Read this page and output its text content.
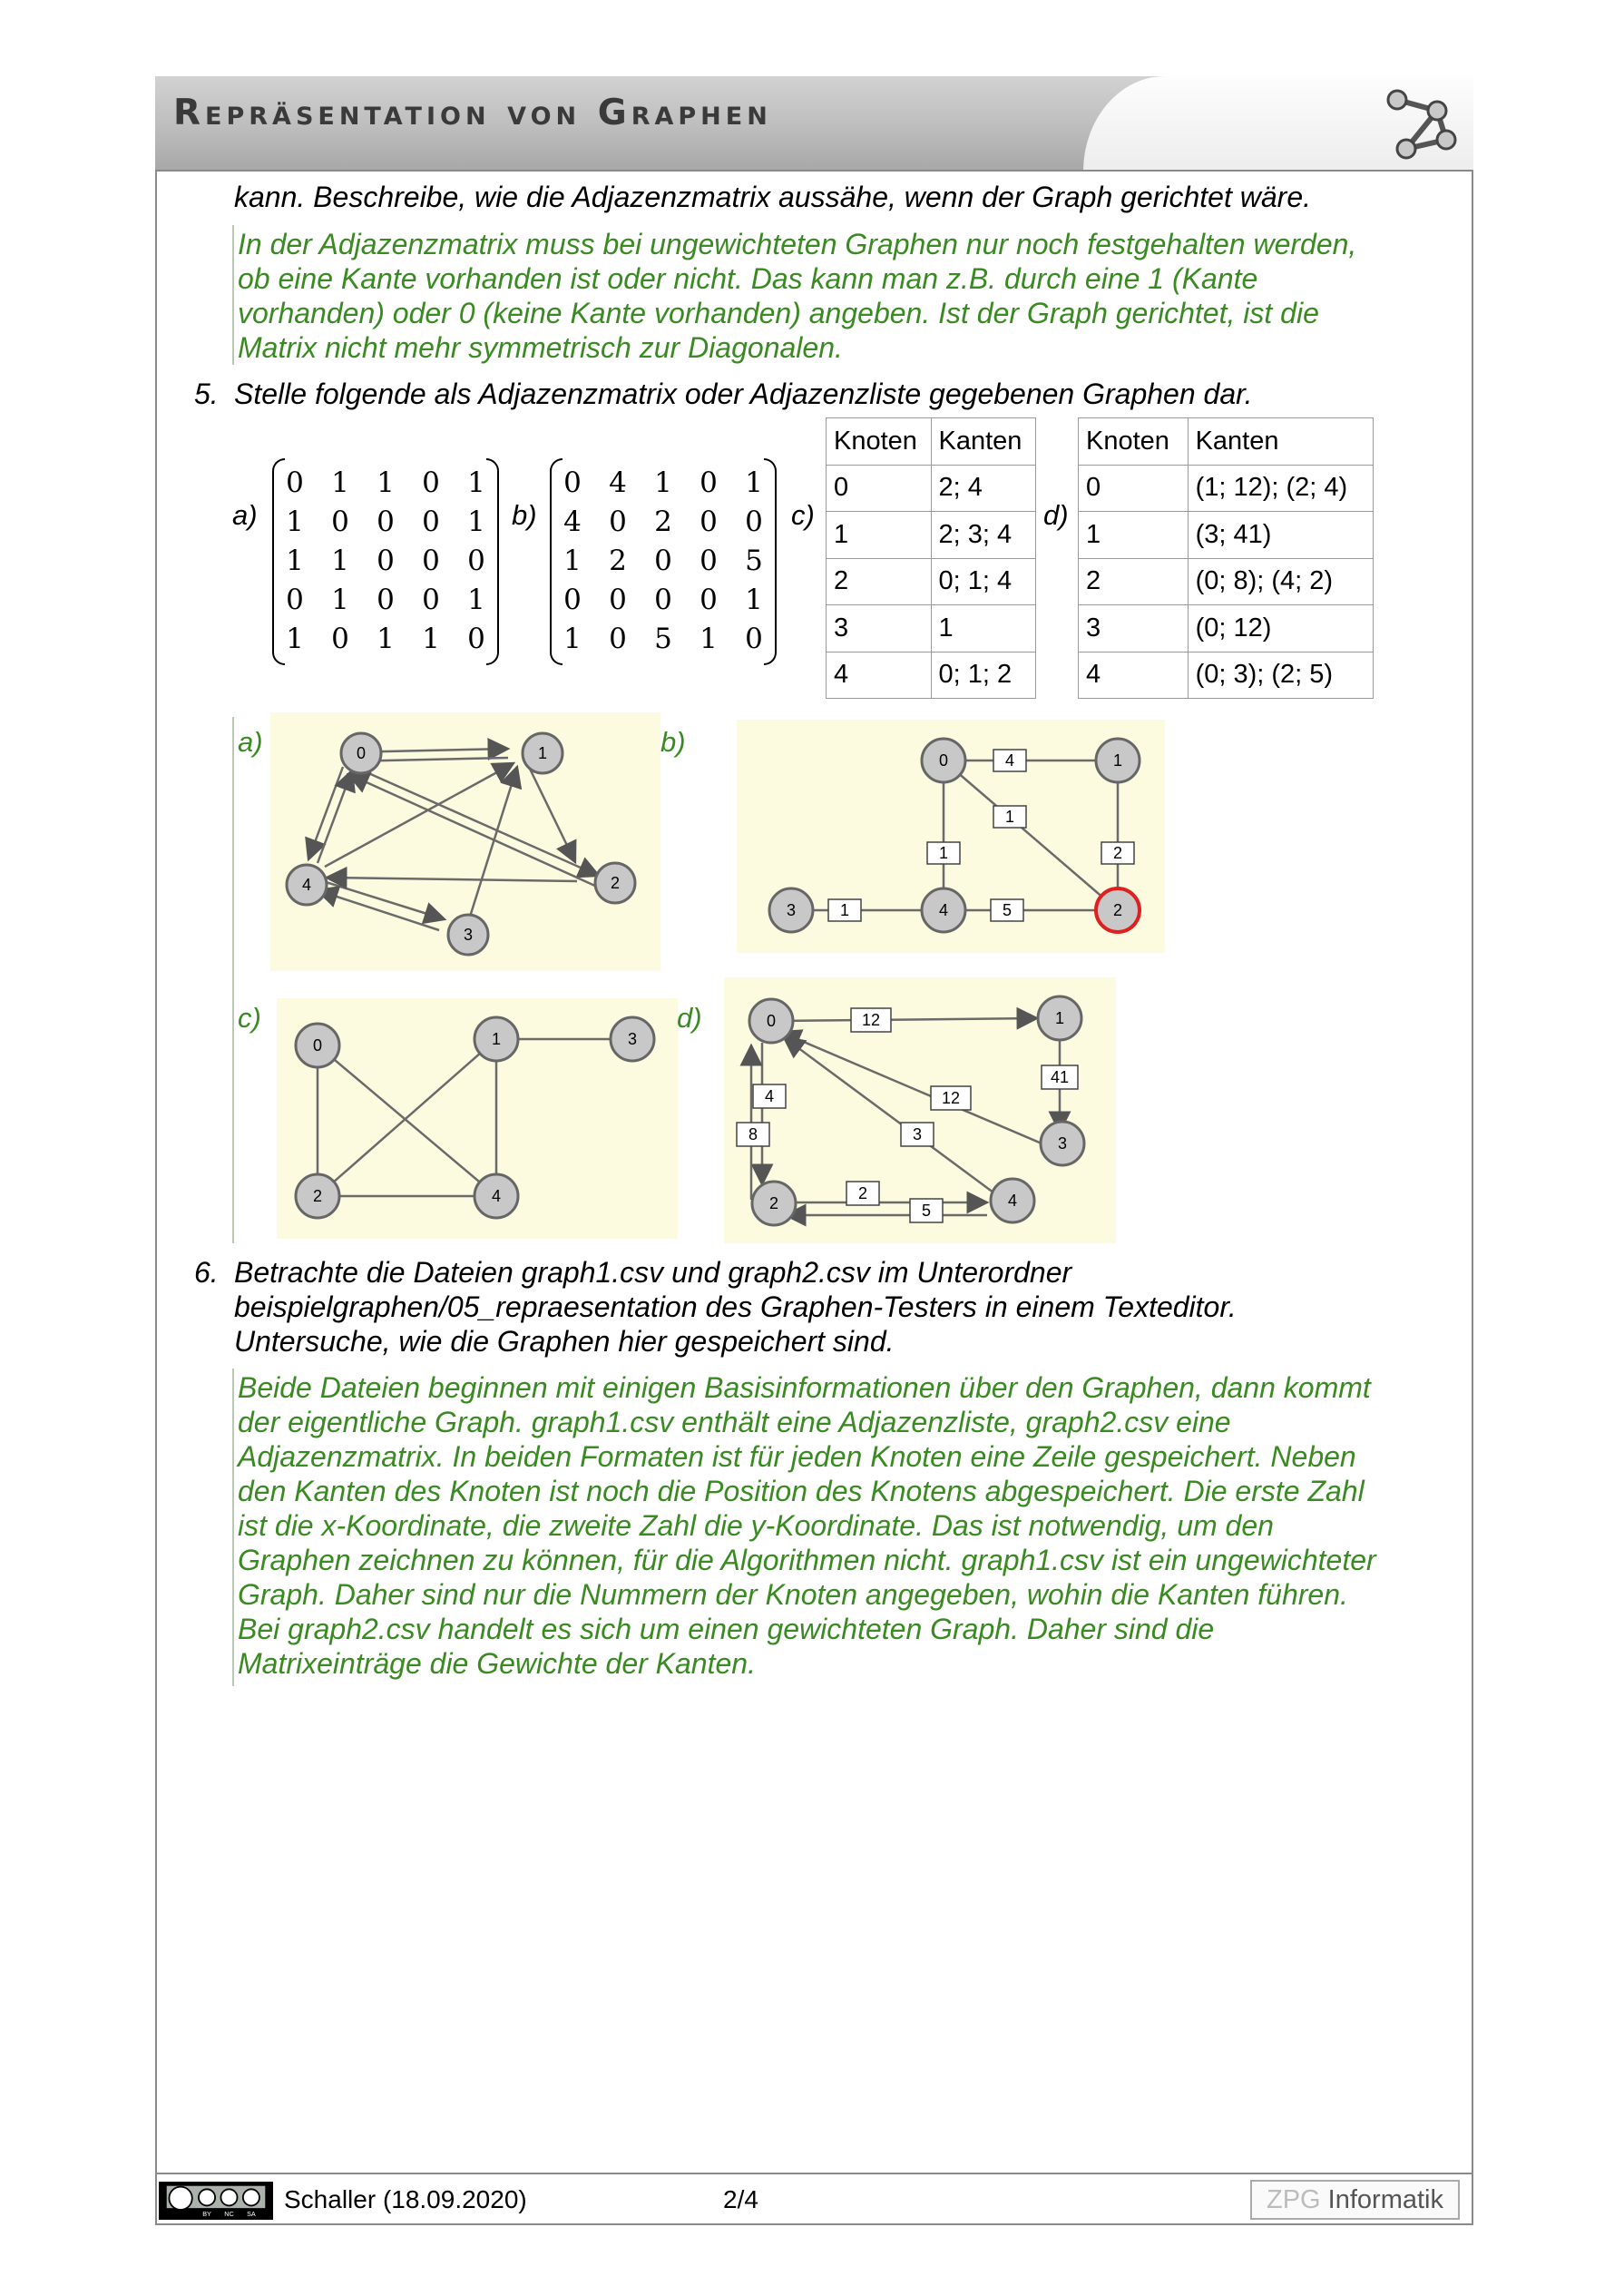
Repräsentation von Graphen
kann. Beschreibe, wie die Adjazenzmatrix aussähe, wenn der Graph gerichtet wäre.
In der Adjazenzmatrix muss bei ungewichteten Graphen nur noch festgehalten werden,
ob eine Kante vorhanden ist oder nicht. Das kann man z.B. durch eine 1 (Kante
vorhanden) oder 0 (keine Kante vorhanden) angeben. Ist der Graph gerichtet, ist die
Matrix nicht mehr symmetrisch zur Diagonalen.
5. Stelle folgende als Adjazenzmatrix oder Adjazenzliste gegebenen Graphen dar.
a)
0 1 1 0 1
1 0 0 0 1
1 1 0 0 0
0 1 0 0 1
1 0 1 1 0
b)
0 4 1 0 1
4 0 2 0 0
1 2 0 0 5
0 0 0 0 1
1 0 5 1 0
c)
Knoten	Kanten
0	2; 4
1	2; 3; 4
2	0; 1; 4
3	1
4	0; 1; 2
d)
Knoten	Kanten
0	(1; 12); (2; 4)
1	(3; 41)
2	(0; 8); (4; 2)
3	(0; 12)
4	(0; 3); (2; 5)
a)	0	1
2
3
4
b)
4
1
1	2
1	5
0	1
2
3	4
c)
0	1
2
3
4
d)	12
41
4
8
12
3
2
5
0	1
2
3
4
6. Betrachte die Dateien graph1.csv und graph2.csv im Unterordner
beispielgraphen/05_repraesentation des Graphen-Testers in einem Texteditor.
Untersuche, wie die Graphen hier gespeichert sind.
Beide Dateien beginnen mit einigen Basisinformationen über den Graphen, dann kommt
der eigentliche Graph. graph1.csv enthält eine Adjazenzliste, graph2.csv eine
Adjazenzmatrix. In beiden Formaten ist für jeden Knoten eine Zeile gespeichert. Neben
den Kanten des Knoten ist noch die Position des Knotens abgespeichert. Die erste Zahl
ist die x-Koordinate, die zweite Zahl die y-Koordinate. Das ist notwendig, um den
Graphen zeichnen zu können, für die Algorithmen nicht. graph1.csv ist ein ungewichteter
Graph. Daher sind nur die Nummern der Knoten angegeben, wohin die Kanten führen.
Bei graph2.csv handelt es sich um einen gewichteten Graph. Daher sind die
Matrixeinträge die Gewichte der Kanten.
BY NC SA
Schaller (18.09.2020)	2/4	ZPG Informatik
